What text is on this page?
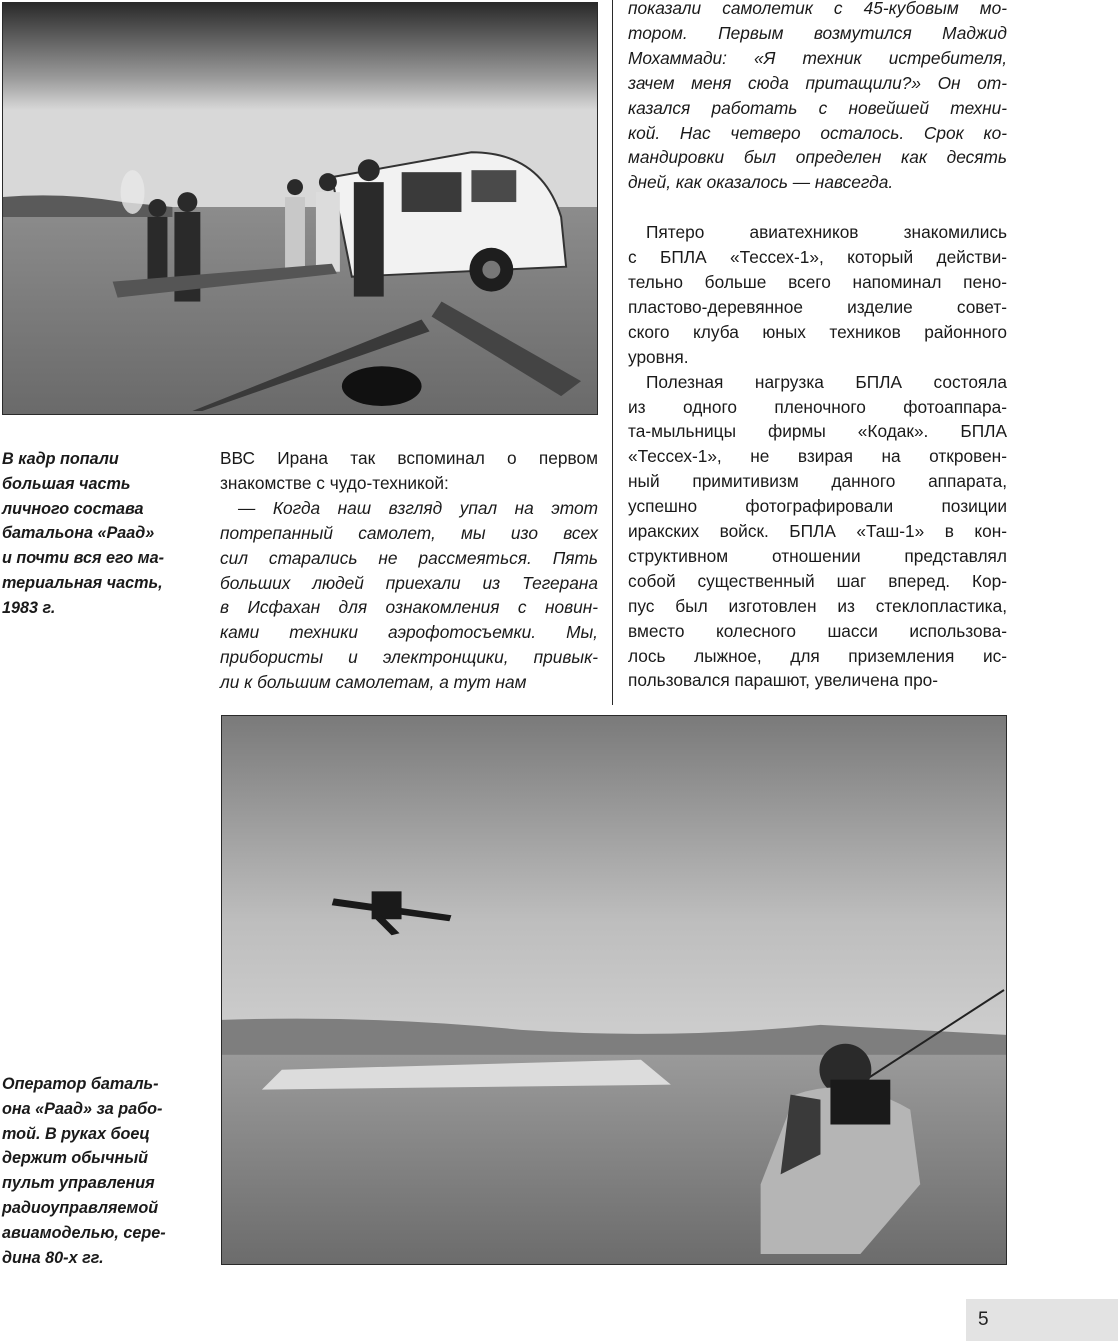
В кадр попали
большая часть
личного состава
батальона «Раад»
и почти вся его ма-
териальная часть,
1983 г.
ВВС Ирана так вспоминал о первом
знакомстве с чудо-техникой:
— Когда наш взгляд упал на этот
потрепанный самолет, мы изо всех
сил старались не рассмеяться. Пять
больших людей приехали из Тегерана
в Исфахан для ознакомления с новин-
ками техники аэрофотосъемки. Мы,
прибористы и электронщики, привык-
ли к большим самолетам, а тут нам
показали самолетик с 45-кубовым мо-
тором. Первым возмутился Маджид
Мохаммади: «Я техник истребителя,
зачем меня сюда притащили?» Он от-
казался работать с новейшей техни-
кой. Нас четверо осталось. Срок ко-
мандировки был определен как десять
дней, как оказалось — навсегда.

Пятеро авиатехников знакомились
с БПЛА «Тессех-1», который действи-
тельно больше всего напоминал пено-
пластово-деревянное изделие совет-
ского клуба юных техников районного
уровня.
Полезная нагрузка БПЛА состояла
из одного пленочного фотоаппара-
та-мыльницы фирмы «Кодак». БПЛА
«Тессех-1», не взирая на откровен-
ный примитивизм данного аппарата,
успешно фотографировали позиции
иракских войск. БПЛА «Таш-1» в кон-
структивном отношении представлял
собой существенный шаг вперед. Кор-
пус был изготовлен из стеклопластика,
вместо колесного шасси использова-
лось лыжное, для приземления ис-
пользовался парашют, увеличена про-
Оператор баталь-
она «Раад» за рабо-
той. В руках боец
держит обычный
пульт управления
радиоуправляемой
авиамоделью, сере-
дина 80-х гг.
5
